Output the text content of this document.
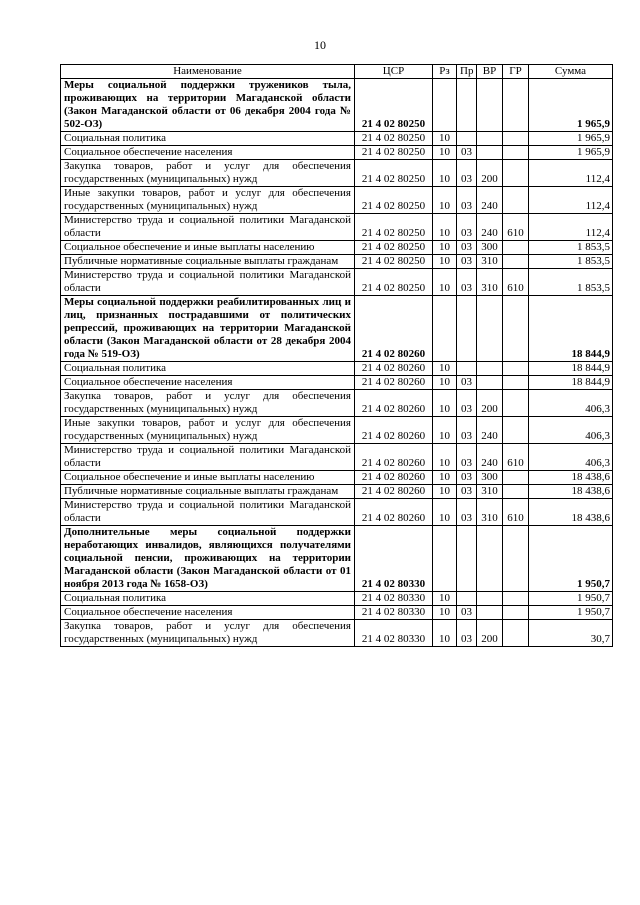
10
Наименование	ЦСР	Рз	Пр	ВР	ГР	Сумма
Меры социальной поддержки тружеников тыла, проживающих на территории Магаданской области (Закон Магаданской области от 06 декабря 2004 года № 502-ОЗ)	21 4 02 80250					1 965,9
Социальная политика	21 4 02 80250	10				1 965,9
Социальное обеспечение населения	21 4 02 80250	10	03			1 965,9
Закупка товаров, работ и услуг для обеспечения государственных (муниципальных) нужд	21 4 02 80250	10	03	200		112,4
Иные закупки товаров, работ и услуг для обеспечения государственных (муниципальных) нужд	21 4 02 80250	10	03	240		112,4
Министерство труда и социальной политики Магаданской области	21 4 02 80250	10	03	240	610	112,4
Социальное обеспечение и иные выплаты населению	21 4 02 80250	10	03	300		1 853,5
Публичные нормативные социальные выплаты гражданам	21 4 02 80250	10	03	310		1 853,5
Министерство труда и социальной политики Магаданской области	21 4 02 80250	10	03	310	610	1 853,5
Меры социальной поддержки реабилитированных лиц и лиц, признанных пострадавшими от политических репрессий, проживающих на территории Магаданской области (Закон Магаданской области от 28 декабря 2004 года № 519-ОЗ)	21 4 02 80260					18 844,9
Социальная политика	21 4 02 80260	10				18 844,9
Социальное обеспечение населения	21 4 02 80260	10	03			18 844,9
Закупка товаров, работ и услуг для обеспечения государственных (муниципальных) нужд	21 4 02 80260	10	03	200		406,3
Иные закупки товаров, работ и услуг для обеспечения государственных (муниципальных) нужд	21 4 02 80260	10	03	240		406,3
Министерство труда и социальной политики Магаданской области	21 4 02 80260	10	03	240	610	406,3
Социальное обеспечение и иные выплаты населению	21 4 02 80260	10	03	300		18 438,6
Публичные нормативные социальные выплаты гражданам	21 4 02 80260	10	03	310		18 438,6
Министерство труда и социальной политики Магаданской области	21 4 02 80260	10	03	310	610	18 438,6
Дополнительные меры социальной поддержки неработающих инвалидов, являющихся получателями социальной пенсии, проживающих на территории Магаданской области (Закон Магаданской области от 01 ноября 2013 года № 1658-ОЗ)	21 4 02 80330					1 950,7
Социальная политика	21 4 02 80330	10				1 950,7
Социальное обеспечение населения	21 4 02 80330	10	03			1 950,7
Закупка товаров, работ и услуг для обеспечения государственных (муниципальных) нужд	21 4 02 80330	10	03	200		30,7
